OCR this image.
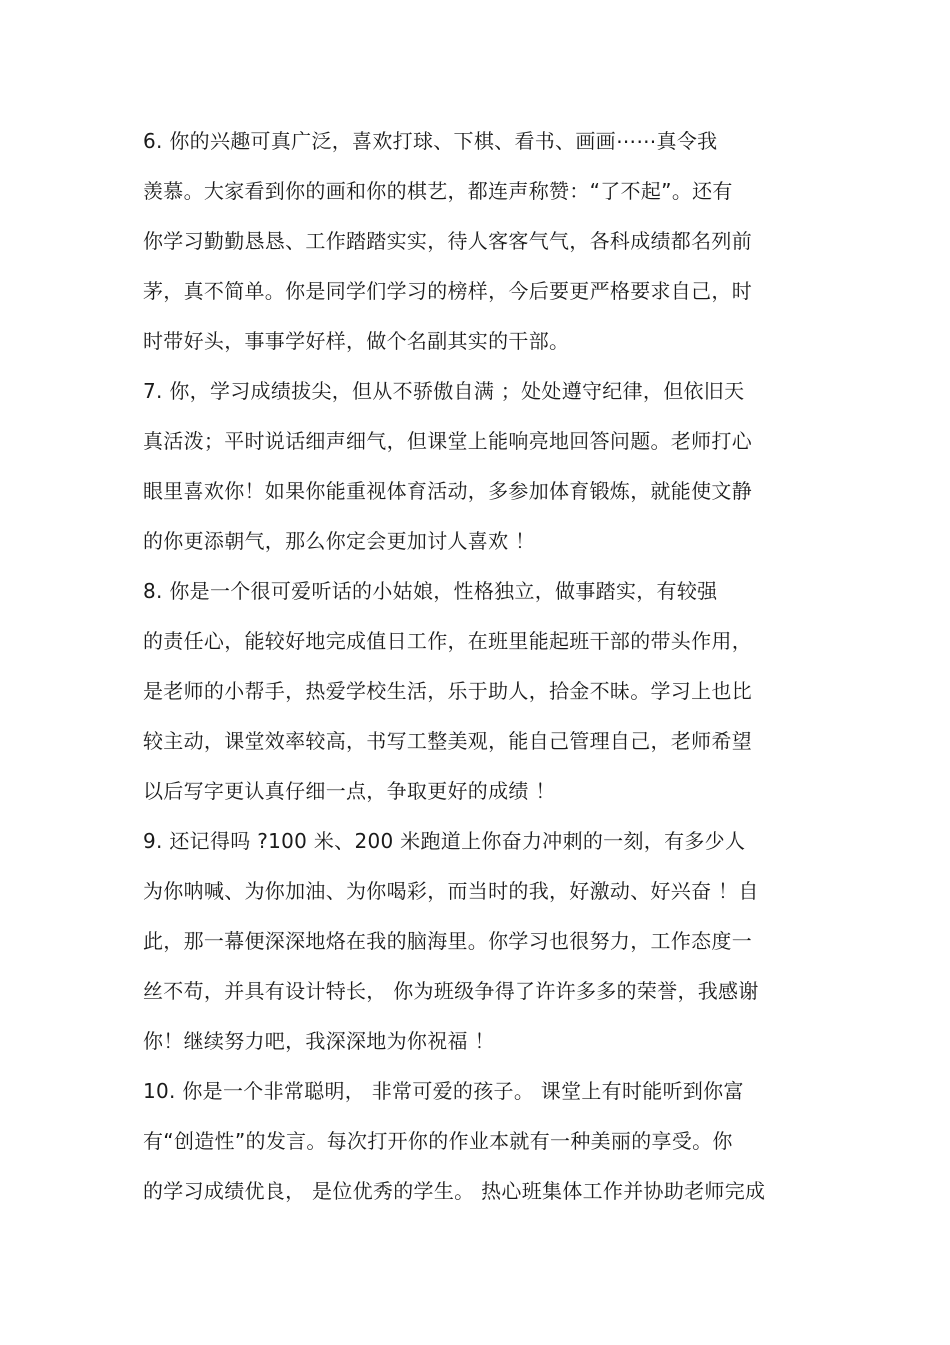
6. 你的兴趣可真广泛，喜欢打球、下棋、看书、画画⋯⋯真令我
羡慕。大家看到你的画和你的棋艺，都连声称赞：“了不起”。还有
你学习勤勤恳恳、工作踏踏实实，待人客客气气，各科成绩都名列前
茅，真不简单。你是同学们学习的榜样，今后要更严格要求自己，时
时带好头，事事学好样，做个名副其实的干部。
7. 你，学习成绩拔尖，但从不骄傲自满 ；处处遵守纪律，但依旧天
真活泼；平时说话细声细气，但课堂上能响亮地回答问题。老师打心
眼里喜欢你！如果你能重视体育活动，多参加体育锻炼，就能使文静
的你更添朝气，那么你定会更加讨人喜欢 ！
8. 你是一个很可爱听话的小姑娘，性格独立，做事踏实，有较强
的责任心，能较好地完成值日工作，在班里能起班干部的带头作用，
是老师的小帮手，热爱学校生活，乐于助人，拾金不昧。学习上也比
较主动，课堂效率较高，书写工整美观，能自己管理自己，老师希望
以后写字更认真仔细一点，争取更好的成绩 ！
9. 还记得吗 ?100 米、200 米跑道上你奋力冲刺的一刻，有多少人
为你呐喊、为你加油、为你喝彩，而当时的我，好激动、好兴奋 ！自
此，那一幕便深深地烙在我的脑海里。你学习也很努力，工作态度一
丝不苟，并具有设计特长， 你为班级争得了许许多多的荣誉，我感谢
你！继续努力吧，我深深地为你祝福 ！
10. 你是一个非常聪明， 非常可爱的孩子。 课堂上有时能听到你富
有“创造性”的发言。每次打开你的作业本就有一种美丽的享受。你
的学习成绩优良， 是位优秀的学生。 热心班集体工作并协助老师完成
